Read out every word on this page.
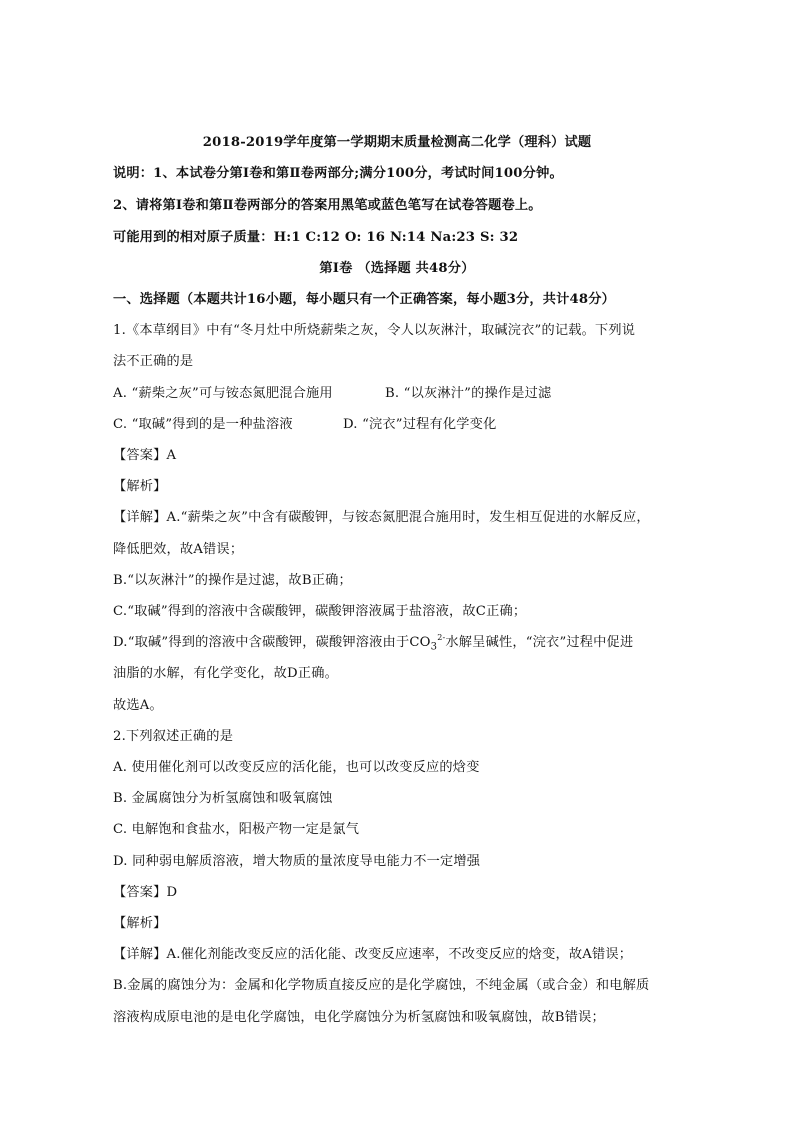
2018-2019学年度第一学期期末质量检测高二化学（理科）试题
说明：1、本试卷分第Ⅰ卷和第Ⅱ卷两部分;满分100分，考试时间100分钟。
2、请将第Ⅰ卷和第Ⅱ卷两部分的答案用黑笔或蓝色笔写在试卷答题卷上。
可能用到的相对原子质量：H:1 C:12 O: 16 N:14 Na:23 S: 32
第Ⅰ卷 （选择题 共48分）
一、选择题（本题共计16小题，每小题只有一个正确答案，每小题3分，共计48分）
1.《本草纲目》中有“冬月灶中所烧薪柴之灰，令人以灰淋汁，取碱浣衣”的记载。下列说
法不正确的是
A. “薪柴之灰”可与铵态氮肥混合施用	B. “以灰淋汁”的操作是过滤
C. “取碱”得到的是一种盐溶液	D. “浣衣”过程有化学变化
【答案】A
【解析】
【详解】A.“薪柴之灰”中含有碳酸钾，与铵态氮肥混合施用时，发生相互促进的水解反应，
降低肥效，故A错误；
B.“以灰淋汁”的操作是过滤，故B正确；
C.“取碱”得到的溶液中含碳酸钾，碳酸钾溶液属于盐溶液，故C正确；
D.“取碱”得到的溶液中含碳酸钾，碳酸钾溶液由于$CO_3^{2-}$水解呈碱性，“浣衣”过程中促进
油脂的水解，有化学变化，故D正确。
故选A。
2.下列叙述正确的是
A. 使用催化剂可以改变反应的活化能，也可以改变反应的焓变
B. 金属腐蚀分为析氢腐蚀和吸氧腐蚀
C. 电解饱和食盐水，阳极产物一定是氯气
D. 同种弱电解质溶液，增大物质的量浓度导电能力不一定增强
【答案】D
【解析】
【详解】A.催化剂能改变反应的活化能、改变反应速率，不改变反应的焓变，故A错误；
B.金属的腐蚀分为：金属和化学物质直接反应的是化学腐蚀，不纯金属（或合金）和电解质
溶液构成原电池的是电化学腐蚀，电化学腐蚀分为析氢腐蚀和吸氧腐蚀，故B错误；
